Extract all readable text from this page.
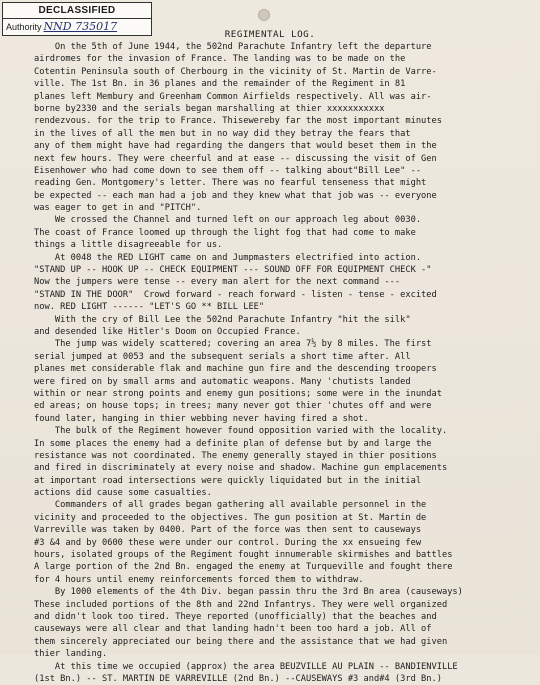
DECLASSIFIED
Authority NND 735017
REGIMENTAL LOG.
On the 5th of June 1944, the 502nd Parachute Infantry left the departure
airdromes for the invasion of France. The landing was to be made on the
Cotentin Peninsula south of Cherbourg in the vicinity of St. Martin de Varre-
ville. The 1st Bn. in 36 planes and the remainder of the Regiment in 81
planes left Membury and Greenham Common Airfields respectively. All was air-
borne by2330 and the serials began marshalling at thier xxxxxxxxxxx
rendezvous. for the trip to France. Thisewereby far the most important minutes
in the lives of all the men but in no way did they betray the fears that
any of them might have had regarding the dangers that would beset them in the
next few hours. They were cheerful and at ease -- discussing the visit of Gen
Eisenhower who had come down to see them off -- talking about"Bill Lee" --
reading Gen. Montgomery's letter. There was no fearful tenseness that might
be expected -- each man had a job and they knew what that job was -- everyone
was eager to get in and "PITCH".
We crossed the Channel and turned left on our approach leg about 0030.
The coast of France loomed up through the light fog that had come to make
things a little disagreeable for us.
At 0048 the RED LIGHT came on and Jumpmasters electrified into action.
"STAND UP -- HOOK UP -- CHECK EQUIPMENT --- SOUND OFF FOR EQUIPMENT CHECK -"
Now the jumpers were tense -- every man alert for the next command ---
"STAND IN THE DOOR"  Crowd forward - reach forward - listen - tense - excited
now. RED LIGHT ------ "LET'S GO ** BILL LEE"
With the cry of Bill Lee the 502nd Parachute Infantry "hit the silk"
and desended like Hitler's Doom on Occupied France.
The jump was widely scattered; covering an area 7½ by 8 miles. The first
serial jumped at 0053 and the subsequent serials a short time after. All
planes met considerable flak and machine gun fire and the descending troopers
were fired on by small arms and automatic weapons. Many 'chutists landed
within or near strong points and enemy gun positions; some were in the inundat
ed areas; on house tops; in trees; many never got thier 'chutes off and were
found later, hanging in thier webbing never having fired a shot.
The bulk of the Regiment however found opposition varied with the locality.
In some places the enemy had a definite plan of defense but by and large the
resistance was not coordinated. The enemy generally stayed in thier positions
and fired in discriminately at every noise and shadow. Machine gun emplacements
at important road intersections were quickly liquidated but in the initial
actions did cause some casualties.
Commanders of all grades began gathering all available personnel in the
vicinity and proceeded to the objectives. The gun position at St. Martin de
Varreville was taken by 0400. Part of the force was then sent to causeways
#3 &4 and by 0600 these were under our control. During the xx ensueing few
hours, isolated groups of the Regiment fought innumerable skirmishes and battles
A large portion of the 2nd Bn. engaged the enemy at Turqueville and fought there
for 4 hours until enemy reinforcements forced them to withdraw.
By 1000 elements of the 4th Div. began passin thru the 3rd Bn area (causeways)
These included portions of the 8th and 22nd Infantrys. They were well organized
and didn't look too tired. Theye reported (unofficially) that the beaches and
causeways were all clear and that landing hadn't been too hard a job. All of
them sincerely appreciated our being there and the assistance that we had given
thier landing.
At this time we occupied (approx) the area BEUZVILLE AU PLAIN -- BANDIENVILLE
(1st Bn.) -- ST. MARTIN DE VARREVILLE (2nd Bn.) --CAUSEWAYS #3 and#4 (3rd Bn.)
